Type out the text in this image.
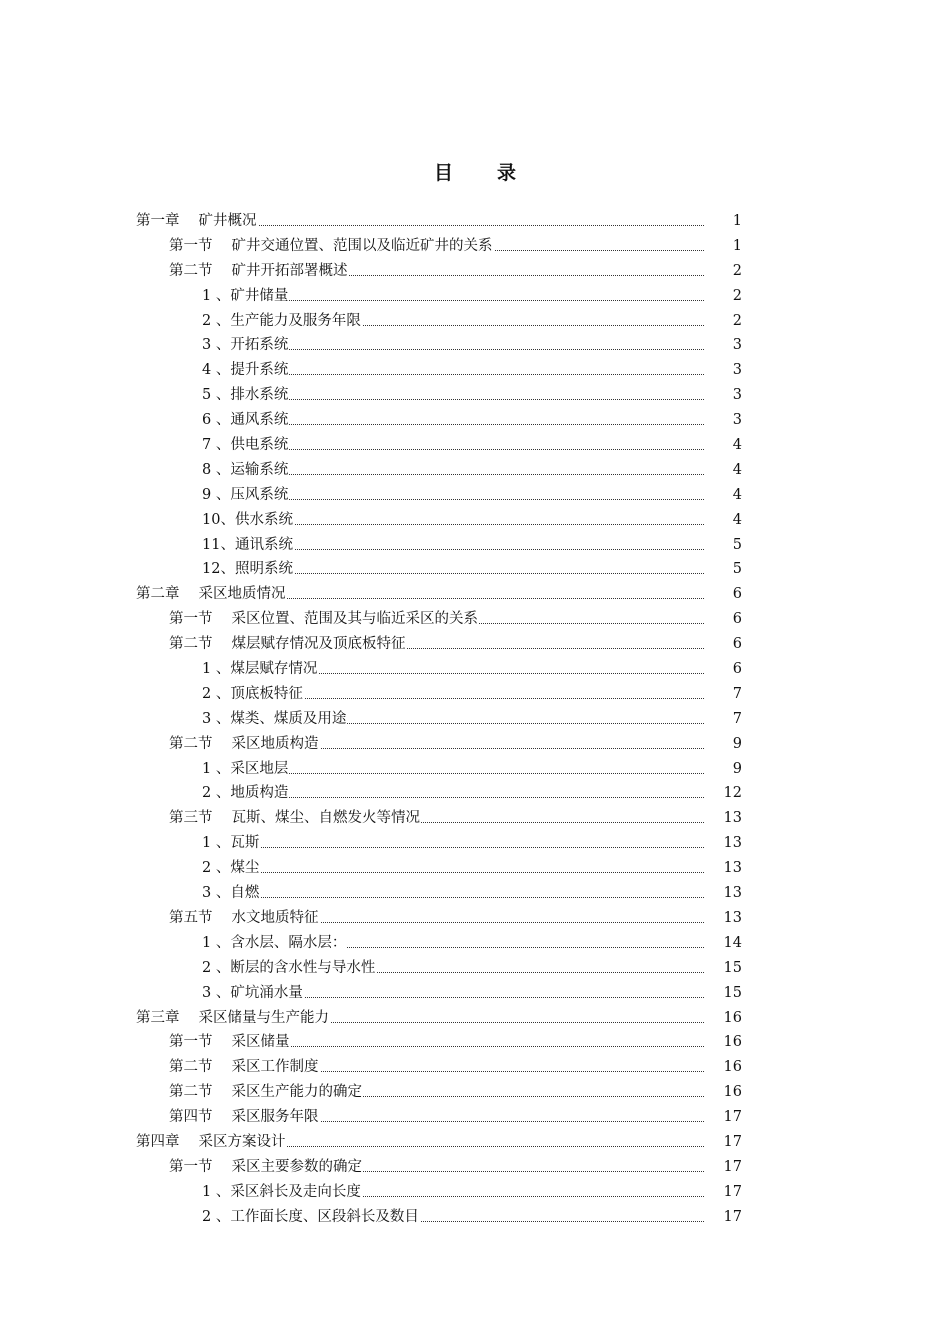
目 录
第一章 矿井概况	1
第一节 矿井交通位置、范围以及临近矿井的关系	1
第二节 矿井开拓部署概述	2
1 、矿井储量	2
2 、生产能力及服务年限	2
3 、开拓系统	3
4 、提升系统	3
5 、排水系统	3
6 、通风系统	3
7 、供电系统	4
8 、运输系统	4
9 、压风系统	4
10、供水系统	4
11、通讯系统	5
12、照明系统	5
第二章 采区地质情况	6
第一节 采区位置、范围及其与临近采区的关系	6
第二节 煤层赋存情况及顶底板特征	6
1 、煤层赋存情况	6
2 、顶底板特征	7
3 、煤类、煤质及用途	7
第二节 采区地质构造	9
1 、采区地层	9
2 、地质构造	12
第三节 瓦斯、煤尘、自燃发火等情况	13
1 、瓦斯	13
2 、煤尘	13
3 、自燃	13
第五节 水文地质特征	13
1 、含水层、隔水层：	14
2 、断层的含水性与导水性	15
3 、矿坑涌水量	15
第三章 采区储量与生产能力	16
第一节 采区储量	16
第二节 采区工作制度	16
第二节 采区生产能力的确定	16
第四节 采区服务年限	17
第四章 采区方案设计	17
第一节 采区主要参数的确定	17
1 、采区斜长及走向长度	17
2 、工作面长度、区段斜长及数目	17
